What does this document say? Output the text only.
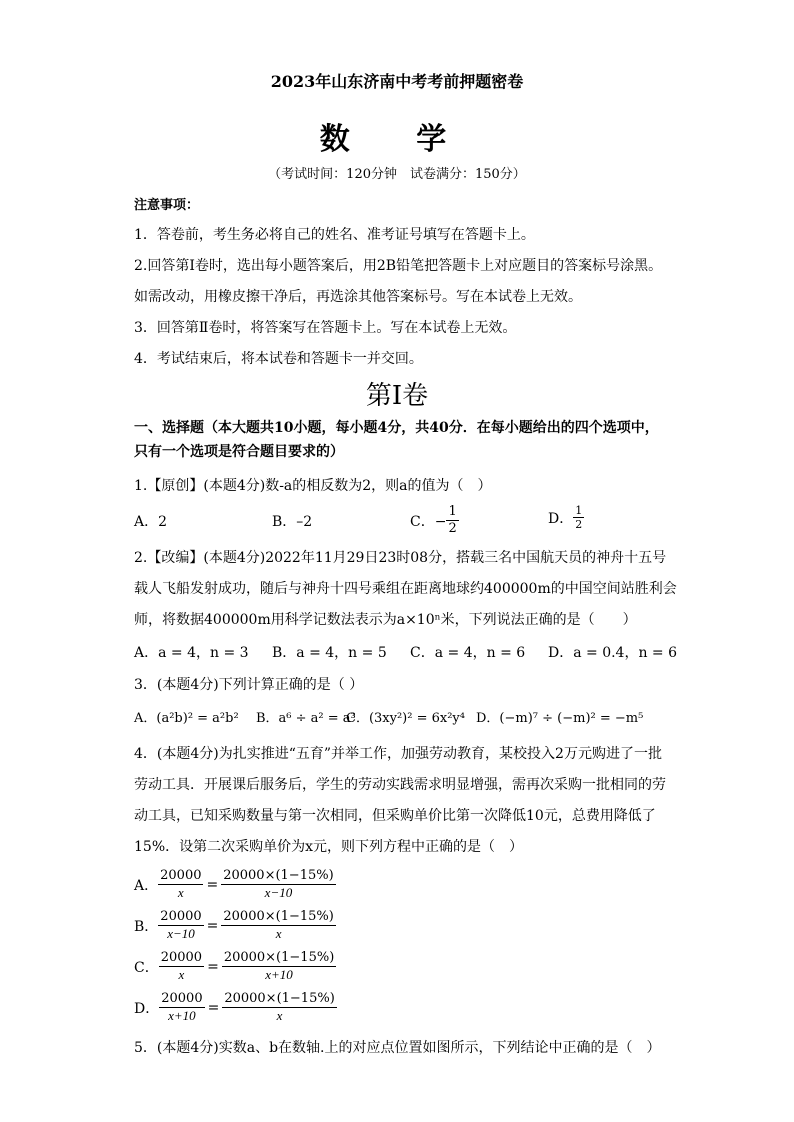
2023年山东济南中考考前押题密卷
数 学
（考试时间：120分钟　试卷满分：150分）
注意事项：
1．答卷前，考生务必将自己的姓名、准考证号填写在答题卡上。
2.回答第Ⅰ卷时，选出每小题答案后，用2B铅笔把答题卡上对应题目的答案标号涂黑。
如需改动，用橡皮擦干净后，再选涂其他答案标号。写在本试卷上无效。
3．回答第Ⅱ卷时，将答案写在答题卡上。写在本试卷上无效。
4．考试结束后，将本试卷和答题卡一并交回。
第Ⅰ卷
一、选择题（本大题共10小题，每小题4分，共40分．在每小题给出的四个选项中，
只有一个选项是符合题目要求的）
1.【原创】(本题4分)数-a的相反数为2，则a的值为（　）
A．2	B．–2	C．− $\frac{1}{2}$	D． $\frac{1}{2}$
2.【改编】(本题4分)2022年11月29日23时08分，搭载三名中国航天员的神舟十五号
载人飞船发射成功，随后与神舟十四号乘组在距离地球约400000m的中国空间站胜利会
师，将数据400000m用科学记数法表示为a×10ⁿ米，下列说法正确的是（　　）
A．a = 4，n = 3 B．a = 4，n = 5 C．a = 4，n = 6 D．a = 0.4，n = 6
3．(本题4分)下列计算正确的是（ ）
A．(a²b)² = a²b² B．a⁶ ÷ a² = a³
C．(3xy²)² = 6x²y⁴ D．(−m)⁷ ÷ (−m)² = −m⁵
4．(本题4分)为扎实推进“五育”并举工作，加强劳动教育，某校投入2万元购进了一批
劳动工具．开展课后服务后，学生的劳动实践需求明显增强，需再次采购一批相同的劳
动工具，已知采购数量与第一次相同，但采购单价比第一次降低10元，总费用降低了
15%．设第二次采购单价为x元，则下列方程中正确的是（　）
A． $\frac{20000}{x} = \frac{20000\times(1-15\%)}{x-10}$
B． $\frac{20000}{x-10} = \frac{20000\times(1-15\%)}{x}$
C． $\frac{20000}{x} = \frac{20000\times(1-15\%)}{x+10}$
D． $\frac{20000}{x+10} = \frac{20000\times(1-15\%)}{x}$
5．(本题4分)实数a、b在数轴.上的对应点位置如图所示，下列结论中正确的是（　）
